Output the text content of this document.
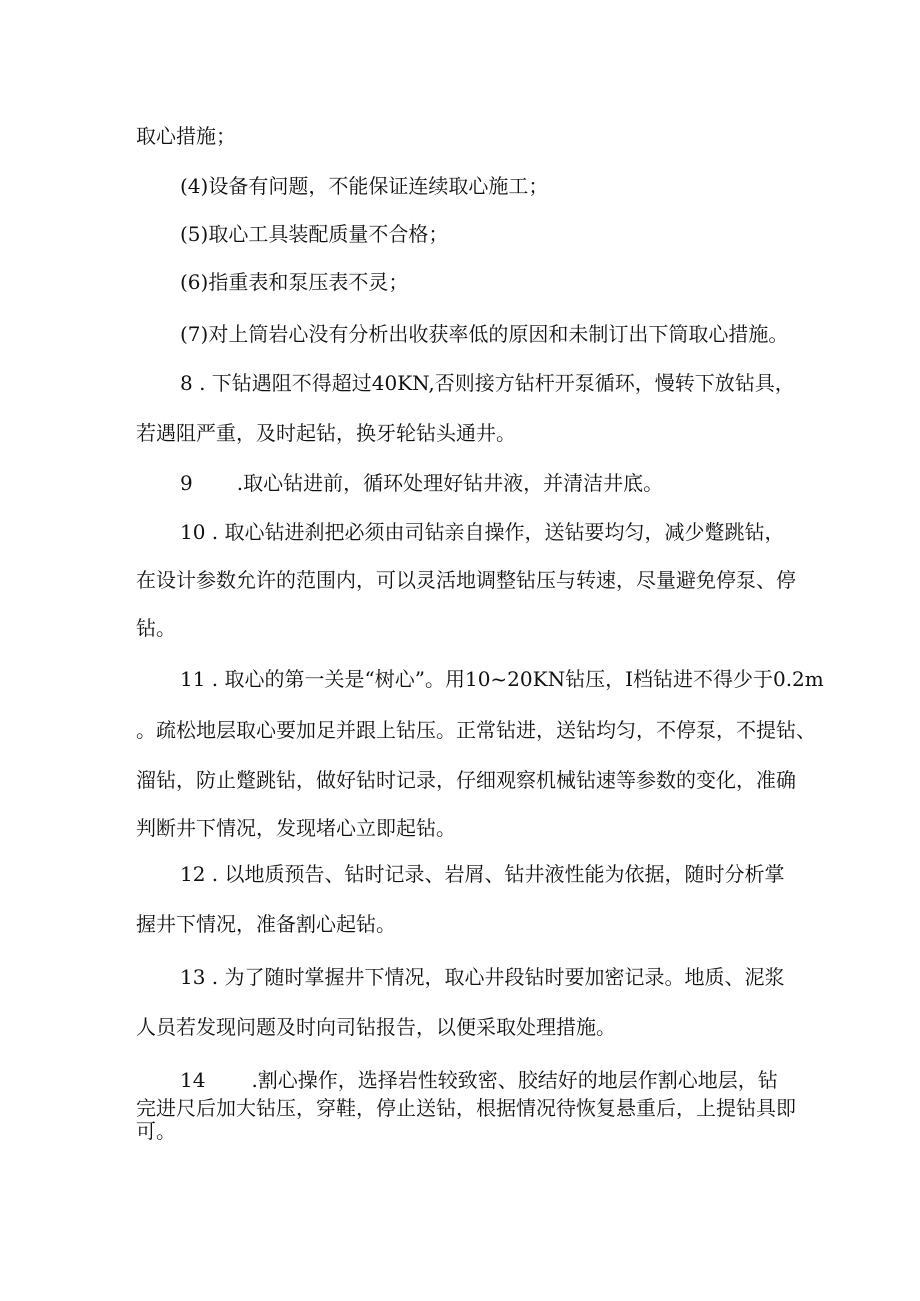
取心措施；

(4)设备有问题，不能保证连续取心施工；

(5)取心工具装配质量不合格；

(6)指重表和泵压表不灵；

(7)对上筒岩心没有分析出收获率低的原因和未制订出下筒取心措施。

8 . 下钻遇阻不得超过40KN,否则接方钻杆开泵循环，慢转下放钻具，

若遇阻严重，及时起钻，换牙轮钻头通井。

9 .取心钻进前，循环处理好钻井液，并清洁井底。

10 . 取心钻进刹把必须由司钻亲自操作，送钻要均匀，减少蹩跳钻，

在设计参数允许的范围内，可以灵活地调整钻压与转速，尽量避免停泵、停

钻。

11 . 取心的第一关是“树心”。用10~20KN钻压，I档钻进不得少于0.2m

。疏松地层取心要加足并跟上钻压。正常钻进，送钻均匀，不停泵，不提钻、

溜钻，防止蹩跳钻，做好钻时记录，仔细观察机械钻速等参数的变化，准确

判断井下情况，发现堵心立即起钻。

12 . 以地质预告、钻时记录、岩屑、钻井液性能为依据，随时分析掌

握井下情况，准备割心起钻。

13 . 为了随时掌握井下情况，取心井段钻时要加密记录。地质、泥浆

人员若发现问题及时向司钻报告，以便采取处理措施。

14 .割心操作，选择岩性较致密、胶结好的地层作割心地层，钻

完进尺后加大钻压，穿鞋，停止送钻，根据情况待恢复悬重后，上提钻具即

可。
